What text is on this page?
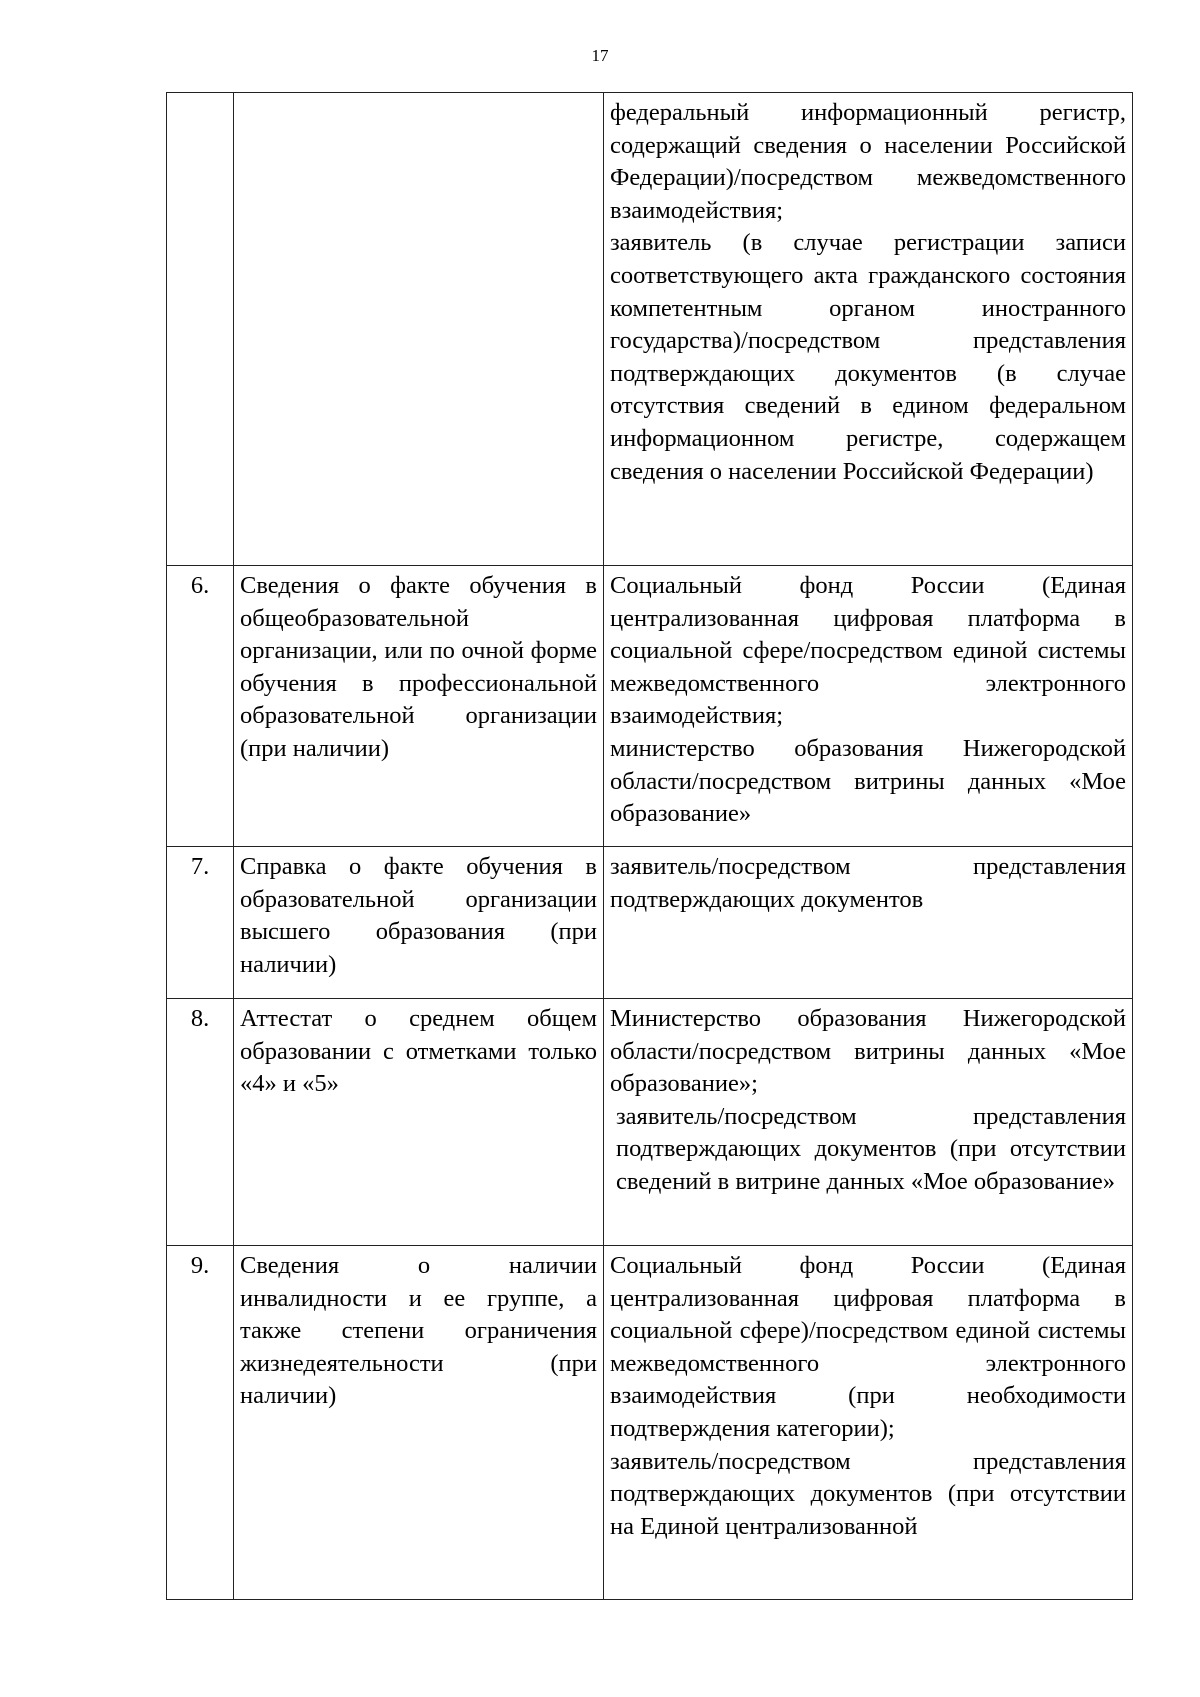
17

		федеральный информационный регистр, содержащий сведения о населении Российской Федерации)/посредством межведомственного взаимодействия;

заявитель (в случае регистрации записи соответствующего акта гражданского состояния компетентным органом иностранного государства)/посредством представления подтверждающих документов (в случае отсутствия сведений в едином федеральном информационном регистре, содержащем сведения о населении Российской Федерации)

6.	Сведения о факте обучения в общеобразовательной организации, или по очной форме обучения в профессиональной образовательной организации (при наличии)	Социальный фонд России (Единая централизованная цифровая платформа в социальной сфере/посредством единой системы межведомственного электронного взаимодействия;

министерство образования Нижегородской области/посредством витрины данных «Мое образование»

7.	Справка о факте обучения в образовательной организации высшего образования (при наличии)	заявитель/посредством представления подтверждающих документов

8.	Аттестат о среднем общем образовании с отметками только «4» и «5»	Министерство образования Нижегородской области/посредством витрины данных «Мое образование»;

заявитель/посредством представления подтверждающих документов (при отсутствии сведений в витрине данных «Мое образование»

9.	Сведения о наличии инвалидности и ее группе, а также степени ограничения жизнедеятельности (при наличии)	Социальный фонд России (Единая централизованная цифровая платформа в социальной сфере)/посредством единой системы межведомственного электронного взаимодействия (при необходимости подтверждения категории);

заявитель/посредством представления подтверждающих документов (при отсутствии на Единой централизованной
